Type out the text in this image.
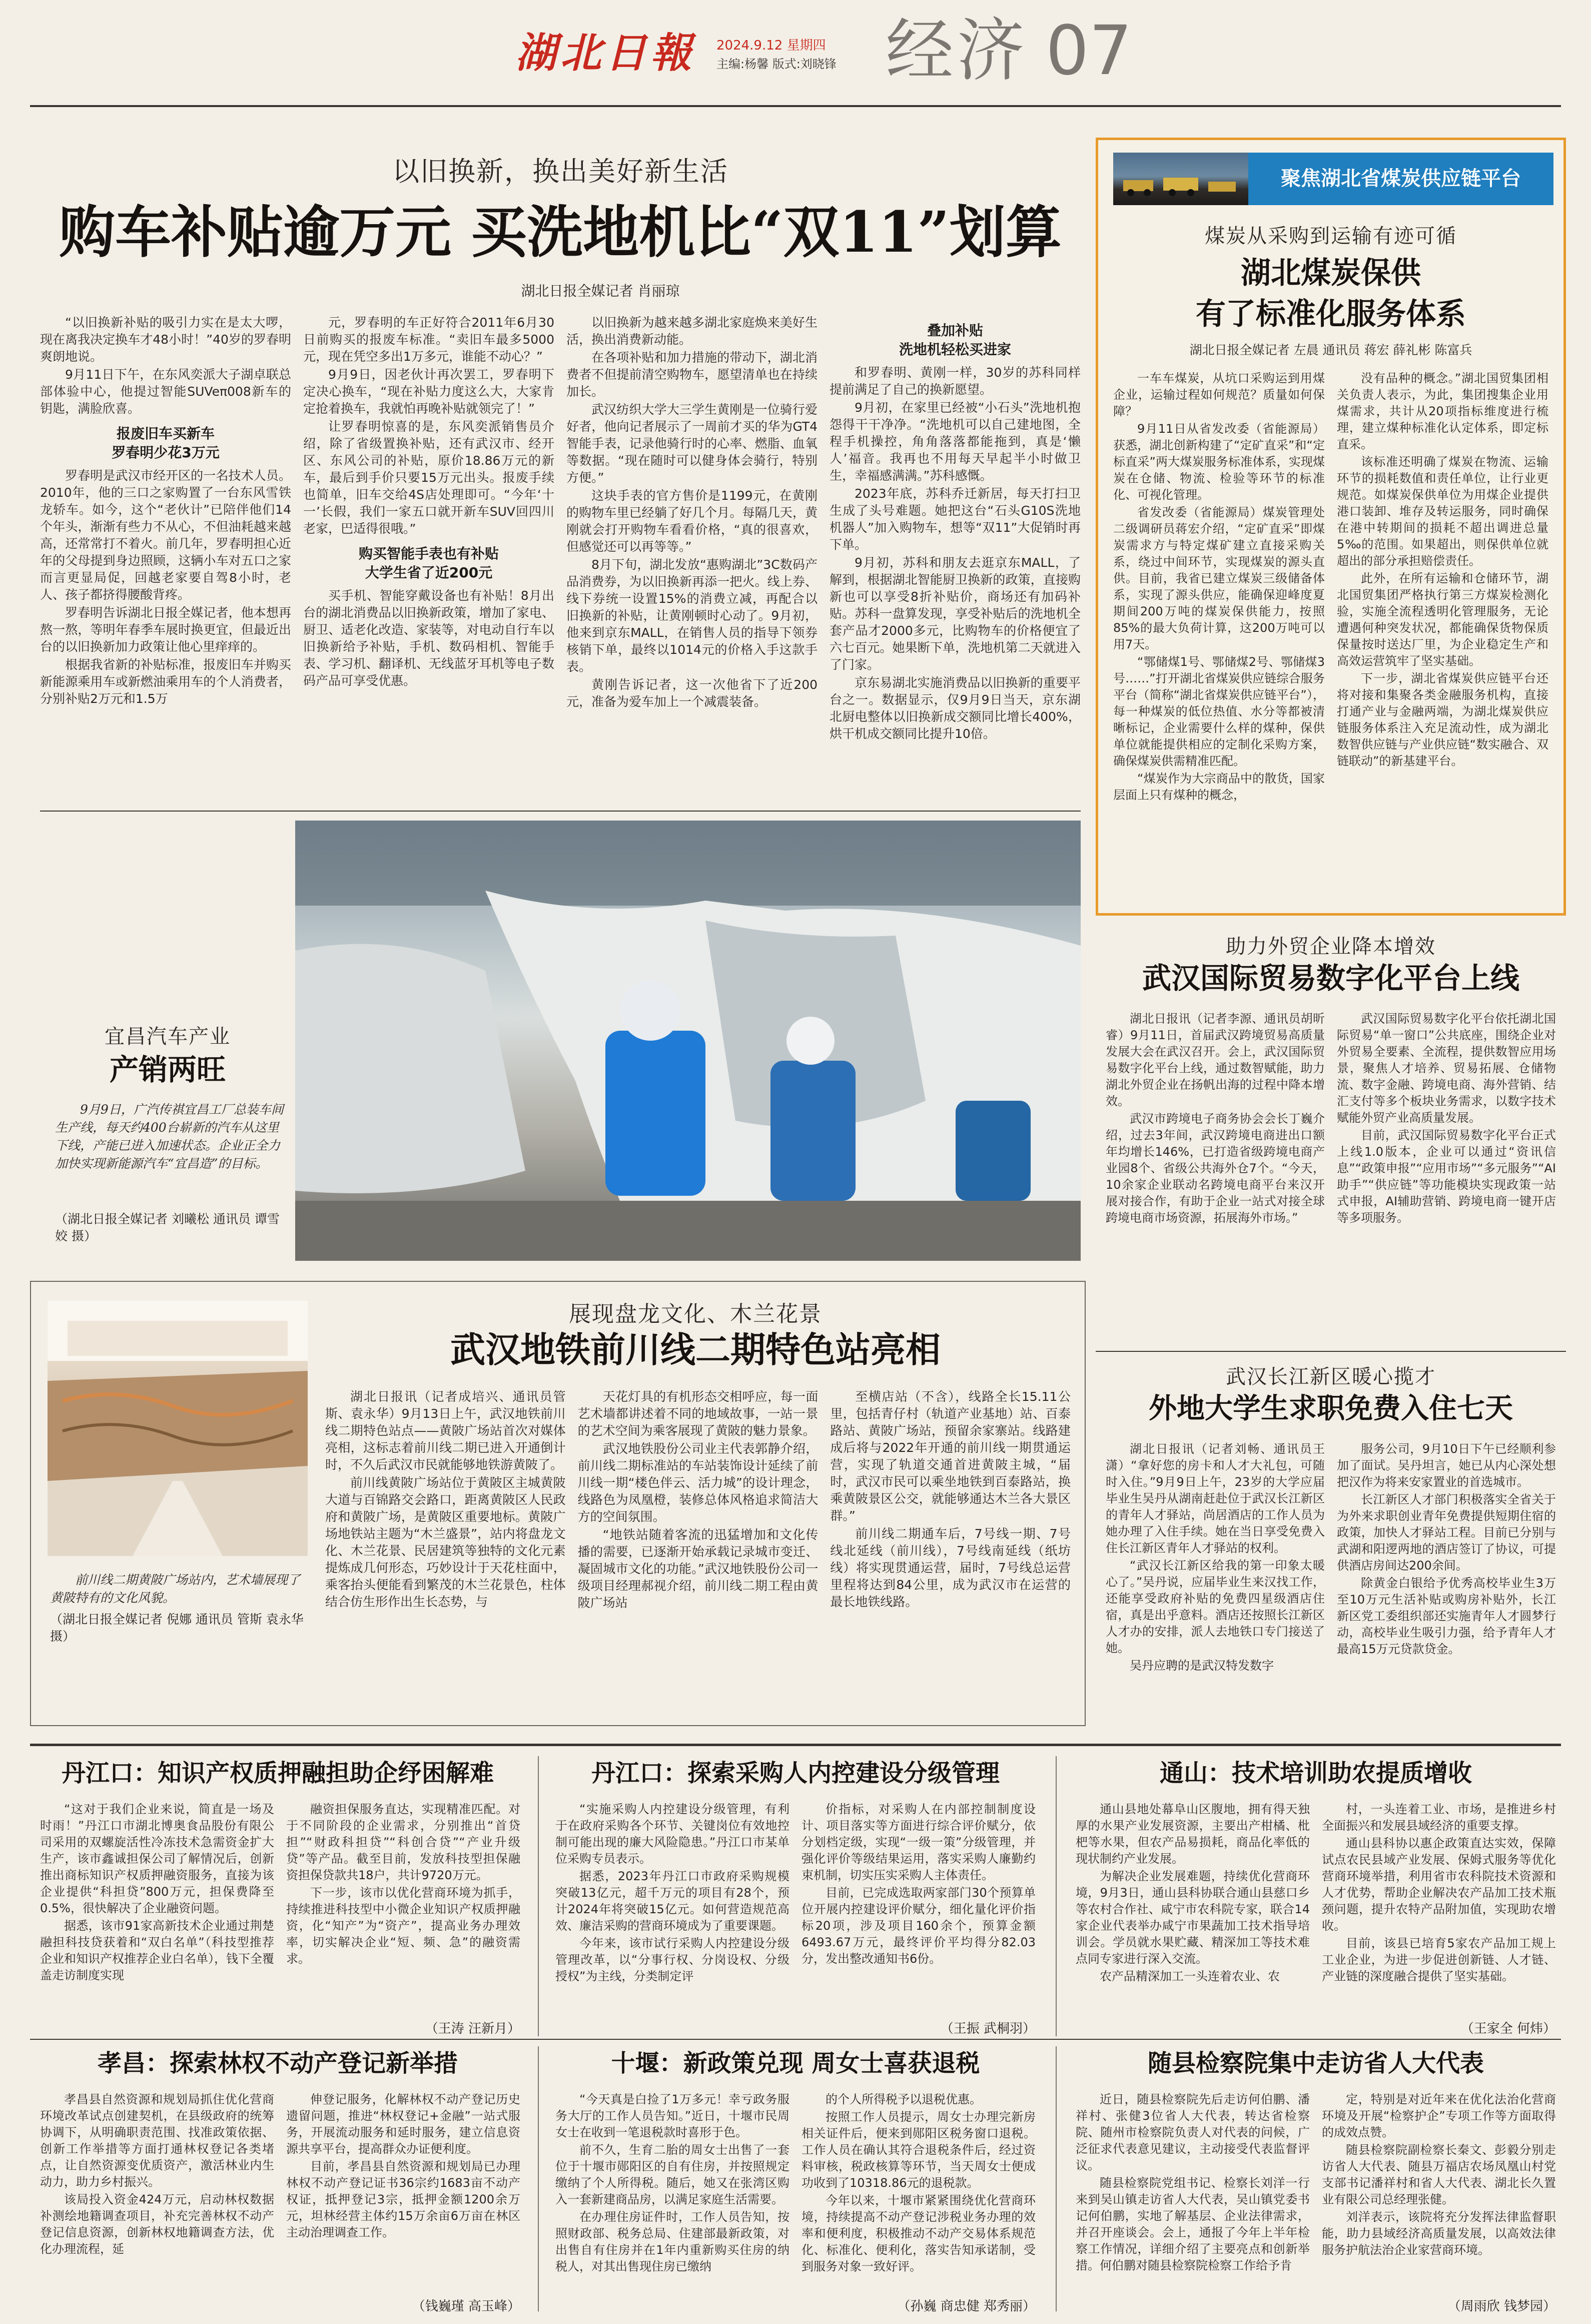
湖北日報	2024.9.12 星期四
主编:杨馨 版式:刘晓锋 经济 07
以旧换新，换出美好新生活
购车补贴逾万元 买洗地机比“双11”划算
湖北日报全媒记者 肖丽琼

“以旧换新补贴的吸引力实在是太大啰，现在离我决定换车才48小时！”40岁的罗春明爽朗地说。

9月11日下午，在东风奕派大子湖卓联总部体验中心，他提过智能SUVeπ008新车的钥匙，满脸欣喜。

报废旧车买新车
罗春明少花3万元

罗春明是武汉市经开区的一名技术人员。2010年，他的三口之家购置了一台东风雪铁龙轿车。如今，这个“老伙计”已陪伴他们14个年头，渐渐有些力不从心，不但油耗越来越高，还常常打不着火。前几年，罗春明担心近年的父母提到身边照顾，这辆小车对五口之家而言更显局促，回越老家要自驾8小时，老人、孩子都挤得腰酸背疼。

罗春明告诉湖北日报全媒记者，他本想再熬一熬，等明年春季车展时换更宜，但最近出台的以旧换新加力政策让他心里痒痒的。

根据我省新的补贴标准，报废旧车并购买新能源乘用车或新燃油乘用车的个人消费者，分别补贴2万元和1.5万

元，罗春明的车正好符合2011年6月30日前购买的报废车标准。“卖旧车最多5000元，现在凭空多出1万多元，谁能不动心？”

9月9日，因老伙计再次罢工，罗春明下定决心换车，“现在补贴力度这么大，大家肯定抢着换车，我就怕再晚补贴就领完了！”

让罗春明惊喜的是，东风奕派销售员介绍，除了省级置换补贴，还有武汉市、经开区、东风公司的补贴，原价18.86万元的新车，最后到手价只要15万元出头。报废手续也简单，旧车交给4S店处理即可。“今年‘十一’长假，我们一家五口就开新车SUV回四川老家，巴适得很哦。”

购买智能手表也有补贴
大学生省了近200元

买手机、智能穿戴设备也有补贴！8月出台的湖北消费品以旧换新政策，增加了家电、厨卫、适老化改造、家装等，对电动自行车以旧换新给予补贴，手机、数码相机、智能手表、学习机、翻译机、无线蓝牙耳机等电子数码产品可享受优惠。

以旧换新为越来越多湖北家庭焕来美好生活，换出消费新动能。

在各项补贴和加力措施的带动下，湖北消费者不但提前清空购物车，愿望清单也在持续加长。

武汉纺织大学大三学生黄刚是一位骑行爱好者，他向记者展示了一周前才买的华为GT4智能手表，记录他骑行时的心率、燃脂、血氧等数据。“现在随时可以健身体会骑行，特别方便。”

这块手表的官方售价是1199元，在黄刚的购物车里已经躺了好几个月。每隔几天，黄刚就会打开购物车看看价格，“真的很喜欢，但感觉还可以再等等。”

8月下旬，湖北发放“惠购湖北”3C数码产品消费券，为以旧换新再添一把火。线上券、线下券统一设置15%的消费立减，再配合以旧换新的补贴，让黄刚顿时心动了。9月初，他来到京东MALL，在销售人员的指导下领券核销下单，最终以1014元的价格入手这款手表。

黄刚告诉记者，这一次他省下了近200元，准备为爱车加上一个减震装备。

叠加补贴
洗地机轻松买进家

和罗春明、黄刚一样，30岁的苏科同样提前满足了自己的换新愿望。

9月初，在家里已经被“小石头”洗地机抱怨得干干净净。“洗地机可以自己建地图，全程手机操控，角角落落都能拖到，真是‘懒人’福音。我再也不用每天早起半小时做卫生，幸福感满满。”苏科感慨。

2023年底，苏科乔迁新居，每天打扫卫生成了头号难题。她把这台“石头G10S洗地机器人”加入购物车，想等“双11”大促销时再下单。

9月初，苏科和朋友去逛京东MALL，了解到，根据湖北智能厨卫换新的政策，直接购新也可以享受8折补贴价，商场还有加码补贴。苏科一盘算发现，享受补贴后的洗地机全套产品才2000多元，比购物车的价格便宜了六七百元。她果断下单，洗地机第二天就进入了门家。

京东易湖北实施消费品以旧换新的重要平台之一。数据显示，仅9月9日当天，京东湖北厨电整体以旧换新成交额同比增长400%，烘干机成交额同比提升10倍。

聚焦湖北省煤炭供应链平台
煤炭从采购到运输有迹可循
湖北煤炭保供
有了标准化服务体系
湖北日报全媒记者 左晨 通讯员 蒋宏 薛礼彬 陈富兵

一车车煤炭，从坑口采购运到用煤企业，运输过程如何规范？质量如何保障？

9月11日从省发改委（省能源局）获悉，湖北创新构建了“定矿直采”和“定标直采”两大煤炭服务标准体系，实现煤炭在仓储、物流、检验等环节的标准化、可视化管理。

省发改委（省能源局）煤炭管理处二级调研员蒋宏介绍，“定矿直采”即煤炭需求方与特定煤矿建立直接采购关系，绕过中间环节，实现煤炭的源头直供。目前，我省已建立煤炭三级储备体系，实现了源头供应，能确保迎峰度夏期间200万吨的煤炭保供能力，按照85%的最大负荷计算，这200万吨可以用7天。

“鄂储煤1号、鄂储煤2号、鄂储煤3号……”打开湖北省煤炭供应链综合服务平台（简称“湖北省煤炭供应链平台”），每一种煤炭的低位热值、水分等都被清晰标记，企业需要什么样的煤种，保供单位就能提供相应的定制化采购方案，确保煤炭供需精准匹配。

“煤炭作为大宗商品中的散货，国家层面上只有煤种的概念，

没有品种的概念。”湖北国贸集团相关负责人表示，为此，集团搜集企业用煤需求，共计从20项指标维度进行梳理，建立煤种标准化认定体系，即定标直采。

该标准还明确了煤炭在物流、运输环节的损耗数值和责任单位，让行业更规范。如煤炭保供单位为用煤企业提供港口装卸、堆存及转运服务，同时确保在港中转期间的损耗不超出调进总量5‰的范围。如果超出，则保供单位就超出的部分承担赔偿责任。

此外，在所有运输和仓储环节，湖北国贸集团严格执行第三方煤炭检测化验，实施全流程透明化管理服务，无论遭遇何种突发状况，都能确保货物保质保量按时送达厂里，为企业稳定生产和高效运营筑牢了坚实基础。

下一步，湖北省煤炭供应链平台还将对接和集聚各类金融服务机构，直接打通产业与金融两端，为湖北煤炭供应链服务体系注入充足流动性，成为湖北数智供应链与产业供应链“数实融合、双链联动”的新基建平台。

宜昌汽车产业
产销两旺
9月9日，广汽传祺宜昌工厂总装车间生产线，每天约400台崭新的汽车从这里下线，产能已进入加速状态。企业正全力加快实现新能源汽车“宜昌造”的目标。
（湖北日报全媒记者 刘曦松 通讯员 谭雪姣 摄）
助力外贸企业降本增效
武汉国际贸易数字化平台上线

湖北日报讯（记者李源、通讯员胡昕睿）9月11日，首届武汉跨境贸易高质量发展大会在武汉召开。会上，武汉国际贸易数字化平台上线，通过数智赋能，助力湖北外贸企业在扬帆出海的过程中降本增效。

武汉市跨境电子商务协会会长丁巍介绍，过去3年间，武汉跨境电商进出口额年均增长146%，已打造省级跨境电商产业园8个、省级公共海外仓7个。“今天，10余家企业联动名跨境电商平台来汉开展对接合作，有助于企业一站式对接全球跨境电商市场资源，拓展海外市场。”

武汉国际贸易数字化平台依托湖北国际贸易“单一窗口”公共底座，围绕企业对外贸易全要素、全流程，提供数智应用场景，聚焦人才培养、贸易拓展、仓储物流、数字金融、跨境电商、海外营销、结汇支付等多个板块业务需求，以数字技术赋能外贸产业高质量发展。

目前，武汉国际贸易数字化平台正式上线1.0版本，企业可以通过“资讯信息”“政策申报”“应用市场”“多元服务”“AI助手”“供应链”等功能模块实现政策一站式申报，AI辅助营销、跨境电商一键开店等多项服务。

前川线二期黄陂广场站内，艺术墙展现了黄陂特有的文化风貌。
（湖北日报全媒记者 倪娜 通讯员 管斯 袁永华 摄）
展现盘龙文化、木兰花景
武汉地铁前川线二期特色站亮相

湖北日报讯（记者成培兴、通讯员管斯、袁永华）9月13日上午，武汉地铁前川线二期特色站点——黄陂广场站首次对媒体亮相，这标志着前川线二期已进入开通倒计时，不久后武汉市民就能够地铁游黄陂了。

前川线黄陂广场站位于黄陂区主城黄陂大道与百锦路交会路口，距离黄陂区人民政府和黄陂广场，是黄陂区重要地标。黄陂广场地铁站主题为“木兰盛景”，站内将盘龙文化、木兰花景、民居建筑等独特的文化元素提炼成几何形态，巧妙设计于天花柱面中，乘客抬头便能看到繁茂的木兰花景色，柱体结合仿生形作出生长态势，与

天花灯具的有机形态交相呼应，每一面艺术墙都讲述着不同的地域故事，一站一景的艺术空间为乘客展现了黄陂的魅力景象。

武汉地铁股份公司业主代表郭静介绍，前川线二期标准站的车站装饰设计延续了前川线一期“楼色伴云、活力城”的设计理念，线路色为凤凰橙，装修总体风格追求简洁大方的空间氛围。

“地铁站随着客流的迅猛增加和文化传播的需要，已逐渐开始承载记录城市变迁、凝固城市文化的功能。”武汉地铁股份公司一级项目经理郝视介绍，前川线二期工程由黄陂广场站

至横店站（不含），线路全长15.11公里，包括青仔村（轨道产业基地）站、百泰路站、黄陂广场站，预留余家寨站。线路建成后将与2022年开通的前川线一期贯通运营，实现了轨道交通首进黄陂主城，“届时，武汉市民可以乘坐地铁到百泰路站，换乘黄陂景区公交，就能够通达木兰各大景区群。”

前川线二期通车后，7号线一期、7号线北延线（前川线），7号线南延线（纸坊线）将实现贯通运营，届时，7号线总运营里程将达到84公里，成为武汉市在运营的最长地铁线路。

武汉长江新区暖心揽才
外地大学生求职免费入住七天

湖北日报讯（记者刘畅、通讯员王潇）“拿好您的房卡和人才大礼包，可随时入住。”9月9日上午，23岁的大学应届毕业生吴丹从湖南赶赴位于武汉长江新区的青年人才驿站，尚居酒店的工作人员为她办理了入住手续。她在当日享受免费入住长江新区青年人才驿站的权利。

“武汉长江新区给我的第一印象太暖心了。”吴丹说，应届毕业生来汉找工作，还能享受政府补贴的免费四星级酒店住宿，真是出乎意料。酒店还按照长江新区人才办的安排，派人去地铁口专门接送了她。

吴丹应聘的是武汉特发数字

服务公司，9月10日下午已经顺利参加了面试。吴丹坦言，她已从内心深处想把汉作为将来安家置业的首选城市。

长江新区人才部门积极落实全省关于为外来求职创业青年免费提供短期住宿的政策，加快人才驿站工程。目前已分别与武湖和阳逻两地的酒店签订了协议，可提供酒店房间达200余间。

除黄金白银给予优秀高校毕业生3万至10万元生活补贴或购房补贴外，长江新区党工委组织部还实施青年人才圆梦行动，高校毕业生吸引力强，给予青年人才最高15万元贷款贷金。

丹江口：知识产权质押融担助企纾困解难

“这对于我们企业来说，简直是一场及时雨！”丹江口市湖北博奥食品股份有限公司采用的双螺旋活性冷冻技术急需资金扩大生产，该市鑫诚担保公司了解情况后，创新推出商标知识产权质押融资服务，直接为该企业提供“科担贷”800万元，担保费降至0.5%，很快解决了企业融资问题。

据悉，该市91家高新技术企业通过荆楚融担科技贷获着和“双白名单”（科技型推荐企业和知识产权推荐企业白名单），钱下全覆盖走访制度实现

融资担保服务直达，实现精准匹配。对于不同阶段的企业需求，分别推出“首贷担”“财政科担贷”“科创合贷”“产业升级贷”等产品。截至目前，发放科技型担保融资担保贷款共18户，共计9720万元。

下一步，该市以优化营商环境为抓手，持续推进科技型中小微企业知识产权质押融资，化“知产”为“资产”，提高业务办理效率，切实解决企业“短、频、急”的融资需求。

（王涛 汪新月）
丹江口：探索采购人内控建设分级管理

“实施采购人内控建设分级管理，有利于在政府采购各个环节、关键岗位有效地控制可能出现的廉大风险隐患。”丹江口市某单位采购专员表示。

据悉，2023年丹江口市政府采购规模突破13亿元，超千万元的项目有28个，预计2024年将突破15亿元。如何营造规范高效、廉洁采购的营商环境成为了重要课题。

今年来，该市试行采购人内控建设分级管理改革，以“分事行权、分岗设权、分级授权”为主线，分类制定评

价指标，对采购人在内部控制制度设计、项目落实等方面进行综合评价赋分，依分划档定级，实现“一级一策”分级管理，并强化评价等级结果运用，落实采购人廉勤约束机制，切实压实采购人主体责任。

目前，已完成选取两家部门30个预算单位开展内控建设评价赋分，细化量化评价指标20项，涉及项目160余个，预算金额6493.67万元，最终评价平均得分82.03分，发出整改通知书6份。

（王振 武桐羽）
通山：技术培训助农提质增收

通山县地处幕阜山区腹地，拥有得天独厚的水果产业发展资源，主要出产柑橘、枇杷等水果，但农产品易损耗，商品化率低的现状制约产业发展。

为解决企业发展难题，持续优化营商环境，9月3日，通山县科协联合通山县慈口乡等农村合作社、咸宁市农科院专家，联合14家企业代表举办咸宁市果蔬加工技术指导培训会。学员就水果贮藏、精深加工等技术难点同专家进行深入交流。

农产品精深加工一头连着农业、农

村，一头连着工业、市场，是推进乡村全面振兴和发展县域经济的重要支撑。

通山县科协以惠企政策直达实效，保障试点农民县域产业发展、保姆式服务等优化营商环境举措，利用省市农科院技术资源和人才优势，帮助企业解决农产品加工技术瓶颈问题，提升农特产品附加值，实现助农增收。

目前，该县已培育5家农产品加工规上工业企业，为进一步促进创新链、人才链、产业链的深度融合提供了坚实基础。

（王家全 何炜）
孝昌：探索林权不动产登记新举措

孝昌县自然资源和规划局抓住优化营商环境改革试点创建契机，在县级政府的统筹协调下，从明确职责范围、找准政策依据、创新工作举措等方面打通林权登记各类堵点，让自然资源变优质资产，激活林业内生动力，助力乡村振兴。

该局投入资金424万元，启动林权数据补测绘地籍调查项目，补充完善林权不动产登记信息资源，创新林权地籍调查方法，优化办理流程，延

伸登记服务，化解林权不动产登记历史遗留问题，推进“林权登记+金融”一站式服务，开展流动服务和延时服务，建立信息资源共享平台，提高群众办证便利度。

目前，孝昌县自然资源和规划局已办理林权不动产登记证书36宗约1683亩不动产权证，抵押登记3宗，抵押金额1200余万元，坦林经营主体约15万余亩6万亩在林区主动治理调查工作。

（钱巍瑾 高玉峰）
十堰：新政策兑现 周女士喜获退税

“今天真是白捡了1万多元！幸亏政务服务大厅的工作人员告知。”近日，十堰市民周女士在收到一笔退税款时喜形于色。

前不久，生育二胎的周女士出售了一套位于十堰市郧阳区的自有住房，并按照规定缴纳了个人所得税。随后，她又在张湾区购入一套新建商品房，以满足家庭生活需要。

在办理住房证件时，工作人员告知，按照财政部、税务总局、住建部最新政策，对出售自有住房并在1年内重新购买住房的纳税人，对其出售现住房已缴纳

的个人所得税予以退税优惠。

按照工作人员提示，周女士办理完新房相关证件后，便来到郧阳区税务窗口退税。工作人员在确认其符合退税条件后，经过资料审核，税政核算等环节，当天周女士便成功收到了10318.86元的退税款。

今年以来，十堰市紧紧围绕优化营商环境，持续提高不动产登记涉税业务办理的效率和便利度，积极推动不动产交易体系规范化、标准化、便利化，落实告知承诺制，受到服务对象一致好评。

（孙巍 商忠健 郑秀丽）
随县检察院集中走访省人大代表

近日，随县检察院先后走访何伯鹏、潘祥村、张健3位省人大代表，转达省检察院、随州市检察院负责人对代表的问候，广泛征求代表意见建议，主动接受代表监督评议。

随县检察院党组书记、检察长刘洋一行来到吴山镇走访省人大代表，吴山镇党委书记何伯鹏，实地了解基层、企业法律需求，并召开座谈会。会上，通报了今年上半年检察工作情况，详细介绍了主要亮点和创新举措。何伯鹏对随县检察院检察工作给予肯

定，特别是对近年来在优化法治化营商环境及开展“检察护企”专项工作等方面取得的成效点赞。

随县检察院副检察长秦文、彭毅分别走访省人大代表、随县万福店农场凤凰山村党支部书记潘祥村和省人大代表、湖北长久置业有限公司总经理张健。

刘洋表示，该院将充分发挥法律监督职能，助力县域经济高质量发展，以高效法律服务护航法治企业家营商环境。

（周雨欣 钱梦园）
